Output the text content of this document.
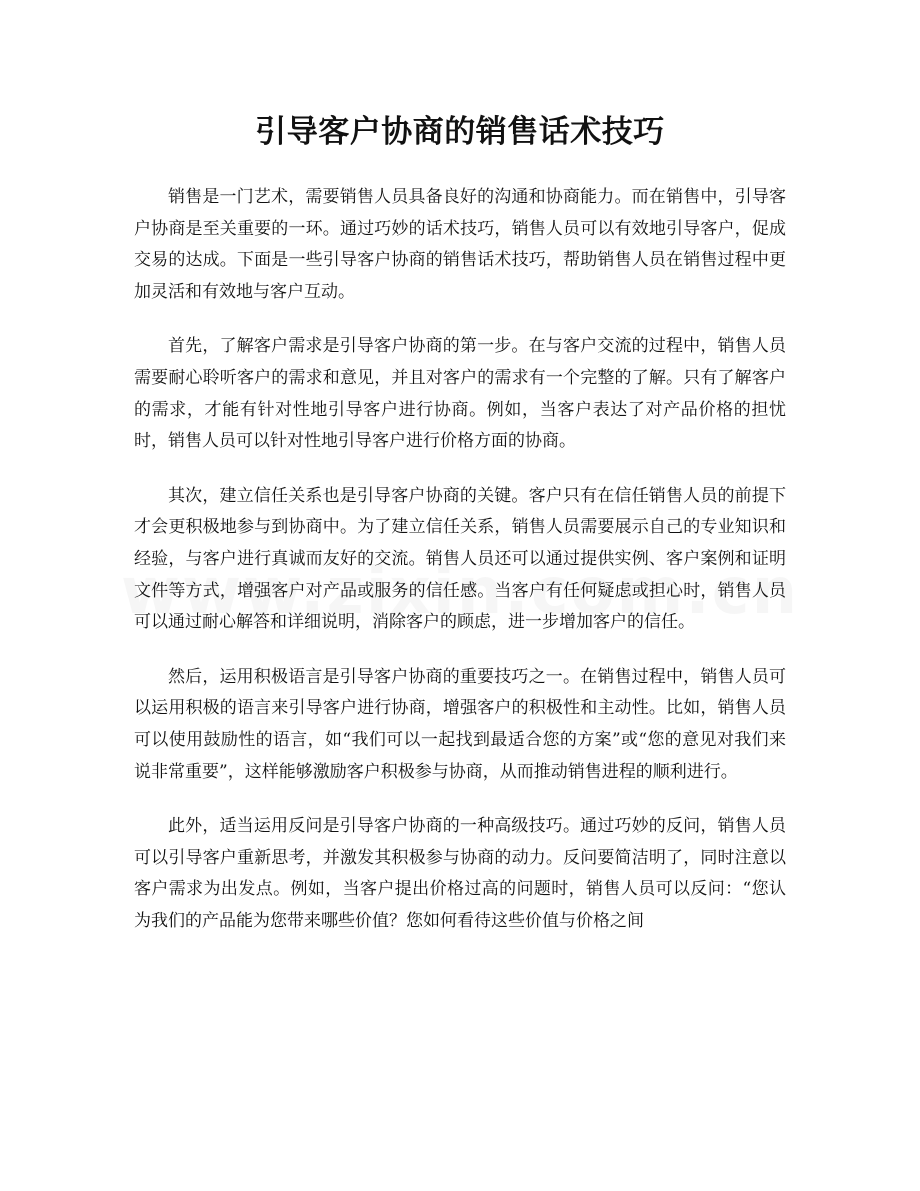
引导客户协商的销售话术技巧

销售是一门艺术，需要销售人员具备良好的沟通和协商能力。而在销售中，引导客户协商是至关重要的一环。通过巧妙的话术技巧，销售人员可以有效地引导客户，促成交易的达成。下面是一些引导客户协商的销售话术技巧，帮助销售人员在销售过程中更加灵活和有效地与客户互动。

首先，了解客户需求是引导客户协商的第一步。在与客户交流的过程中，销售人员需要耐心聆听客户的需求和意见，并且对客户的需求有一个完整的了解。只有了解客户的需求，才能有针对性地引导客户进行协商。例如，当客户表达了对产品价格的担忧时，销售人员可以针对性地引导客户进行价格方面的协商。

其次，建立信任关系也是引导客户协商的关键。客户只有在信任销售人员的前提下才会更积极地参与到协商中。为了建立信任关系，销售人员需要展示自己的专业知识和经验，与客户进行真诚而友好的交流。销售人员还可以通过提供实例、客户案例和证明文件等方式，增强客户对产品或服务的信任感。当客户有任何疑虑或担心时，销售人员可以通过耐心解答和详细说明，消除客户的顾虑，进一步增加客户的信任。

然后，运用积极语言是引导客户协商的重要技巧之一。在销售过程中，销售人员可以运用积极的语言来引导客户进行协商，增强客户的积极性和主动性。比如，销售人员可以使用鼓励性的语言，如“我们可以一起找到最适合您的方案”或“您的意见对我们来说非常重要”，这样能够激励客户积极参与协商，从而推动销售进程的顺利进行。

此外，适当运用反问是引导客户协商的一种高级技巧。通过巧妙的反问，销售人员可以引导客户重新思考，并激发其积极参与协商的动力。反问要简洁明了，同时注意以客户需求为出发点。例如，当客户提出价格过高的问题时，销售人员可以反问：“您认为我们的产品能为您带来哪些价值？您如何看待这些价值与价格之间
